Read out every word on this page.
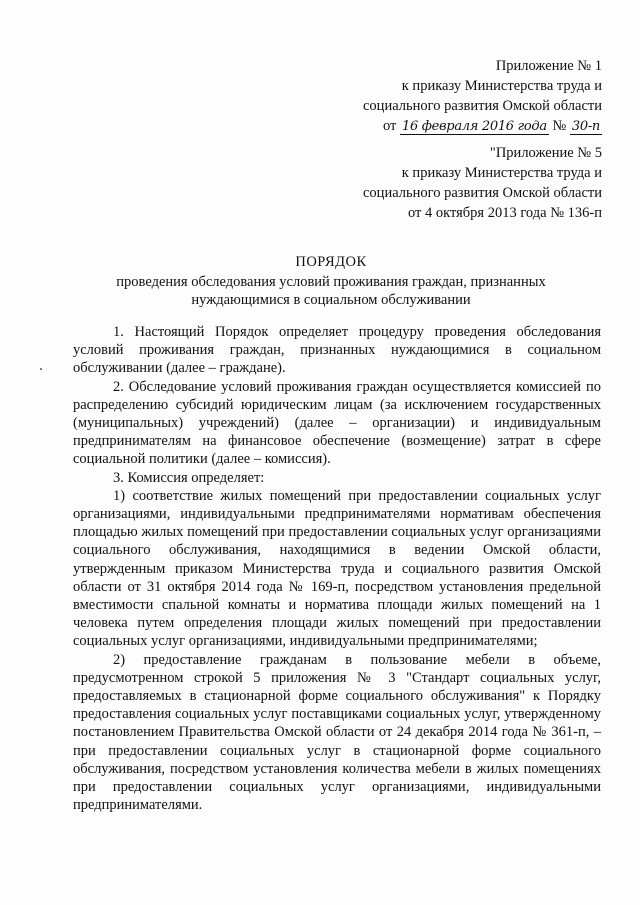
Приложение № 1
к приказу Министерства труда и
социального развития Омской области
от 16 февраля 2016 года № 30-п
"Приложение № 5
к приказу Министерства труда и
социального развития Омской области
от 4 октября 2013 года № 136-п
ПОРЯДОК
проведения обследования условий проживания граждан, признанных
нуждающимися в социальном обслуживании

1. Настоящий Порядок определяет процедуру проведения обследования условий проживания граждан, признанных нуждающимися в социальном обслуживании (далее – граждане).

2. Обследование условий проживания граждан осуществляется комиссией по распределению субсидий юридическим лицам (за исключением государственных (муниципальных) учреждений) (далее – организации) и индивидуальным предпринимателям на финансовое обеспечение (возмещение) затрат в сфере социальной политики (далее – комиссия).

3. Комиссия определяет:

1) соответствие жилых помещений при предоставлении социальных услуг организациями, индивидуальными предпринимателями нормативам обеспечения площадью жилых помещений при предоставлении социальных услуг организациями социального обслуживания, находящимися в ведении Омской области, утвержденным приказом Министерства труда и социального развития Омской области от 31 октября 2014 года № 169-п, посредством установления предельной вместимости спальной комнаты и норматива площади жилых помещений на 1 человека путем определения площади жилых помещений при предоставлении социальных услуг организациями, индивидуальными предпринимателями;

2) предоставление гражданам в пользование мебели в объеме, предусмотренном строкой 5 приложения № 3 "Стандарт социальных услуг, предоставляемых в стационарной форме социального обслуживания" к Порядку предоставления социальных услуг поставщиками социальных услуг, утвержденному постановлением Правительства Омской области от 24 декабря 2014 года № 361-п, – при предоставлении социальных услуг в стационарной форме социального обслуживания, посредством установления количества мебели в жилых помещениях при предоставлении социальных услуг организациями, индивидуальными предпринимателями.
